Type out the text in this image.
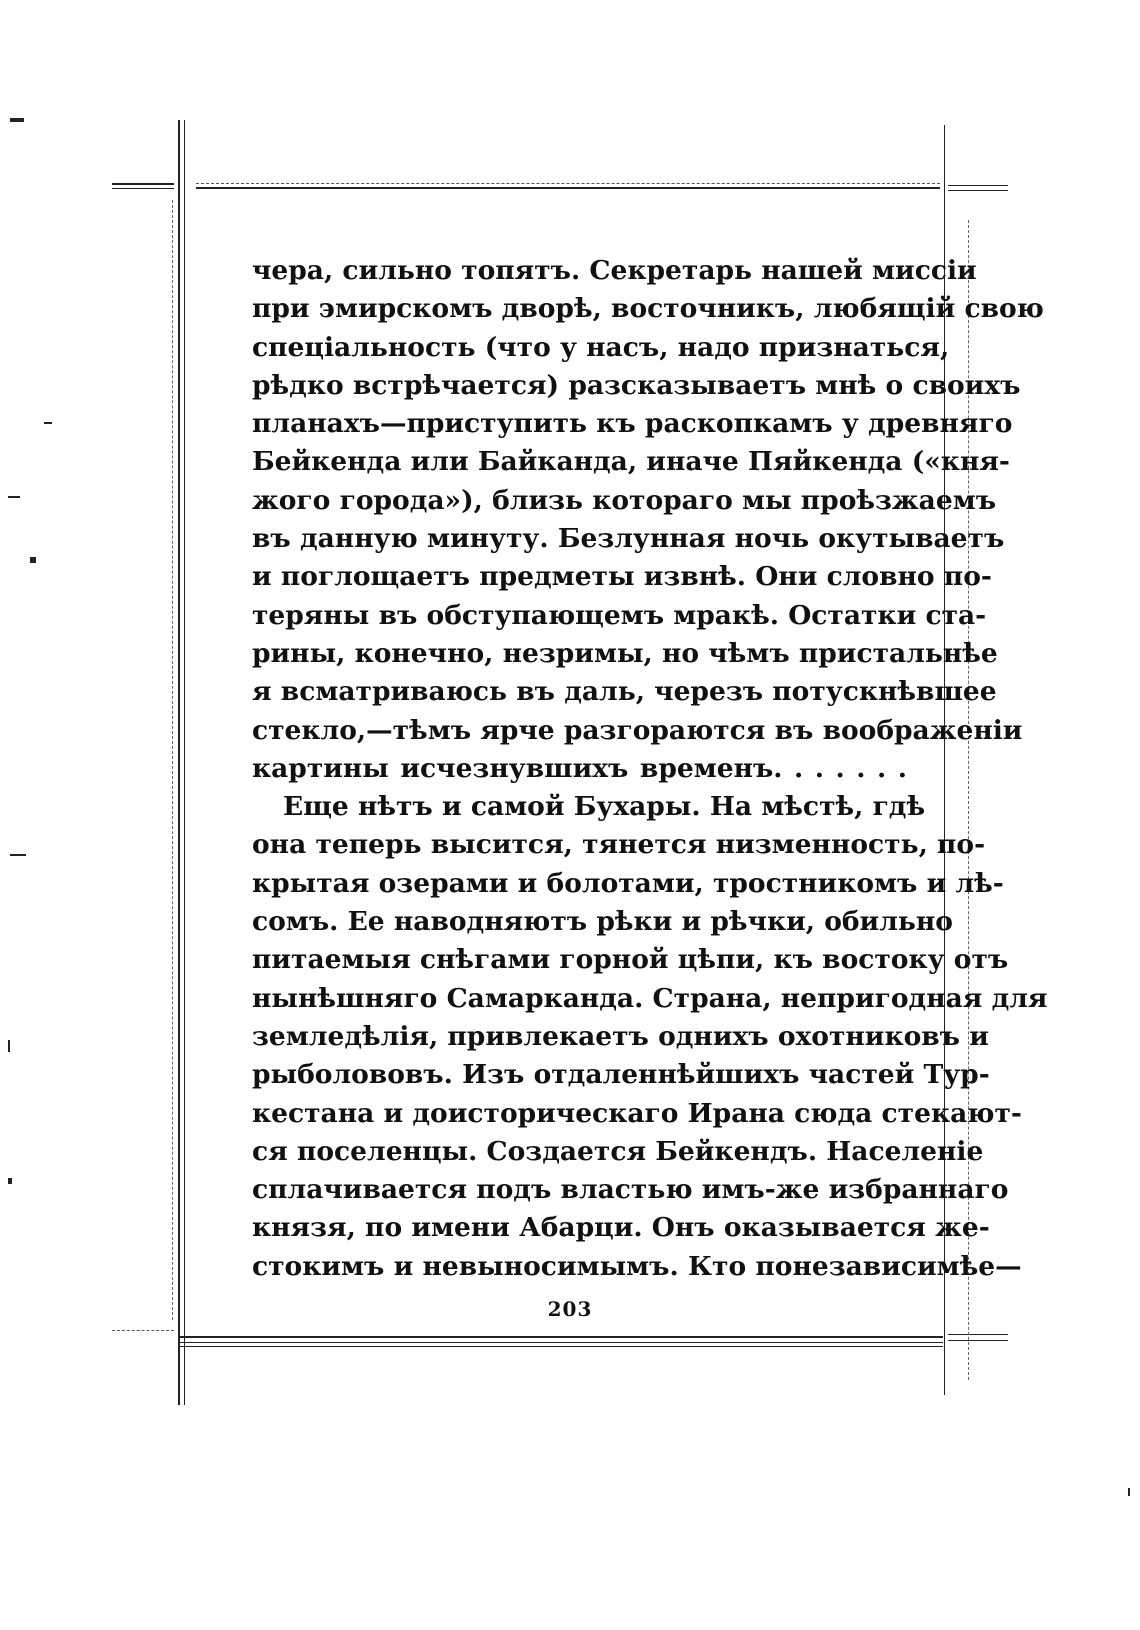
чера, сильно топятъ. Секретарь нашей миссіи
при эмирскомъ дворѣ, восточникъ, любящій свою
спеціальность (что у насъ, надо признаться,
рѣдко встрѣчается) разсказываетъ мнѣ о своихъ
планахъ—приступить къ раскопкамъ у древняго
Бейкенда или Байканда, иначе Пяйкенда («кня-
жого города»), близь котораго мы проѣзжаемъ
въ данную минуту. Безлунная ночь окутываетъ
и поглощаетъ предметы извнѣ. Они словно по-
теряны въ обступающемъ мракѣ. Остатки ста-
рины, конечно, незримы, но чѣмъ пристальнѣе
я всматриваюсь въ даль, черезъ потускнѣвшее
стекло,—тѣмъ ярче разгораются въ воображеніи
картины исчезнувшихъ временъ. . . . . . .
Еще нѣтъ и самой Бухары. На мѣстѣ, гдѣ
она теперь высится, тянется низменность, по-
крытая озерами и болотами, тростникомъ и лѣ-
сомъ. Ее наводняютъ рѣки и рѣчки, обильно
питаемыя снѣгами горной цѣпи, къ востоку отъ
нынѣшняго Самарканда. Страна, непригодная для
земледѣлія, привлекаетъ однихъ охотниковъ и
рыболововъ. Изъ отдаленнѣйшихъ частей Тур-
кестана и доисторическаго Ирана сюда стекают-
ся поселенцы. Создается Бейкендъ. Населеніе
сплачивается подъ властью имъ-же избраннаго
князя, по имени Абарци. Онъ оказывается же-
стокимъ и невыносимымъ. Кто понезависимѣе—
203
